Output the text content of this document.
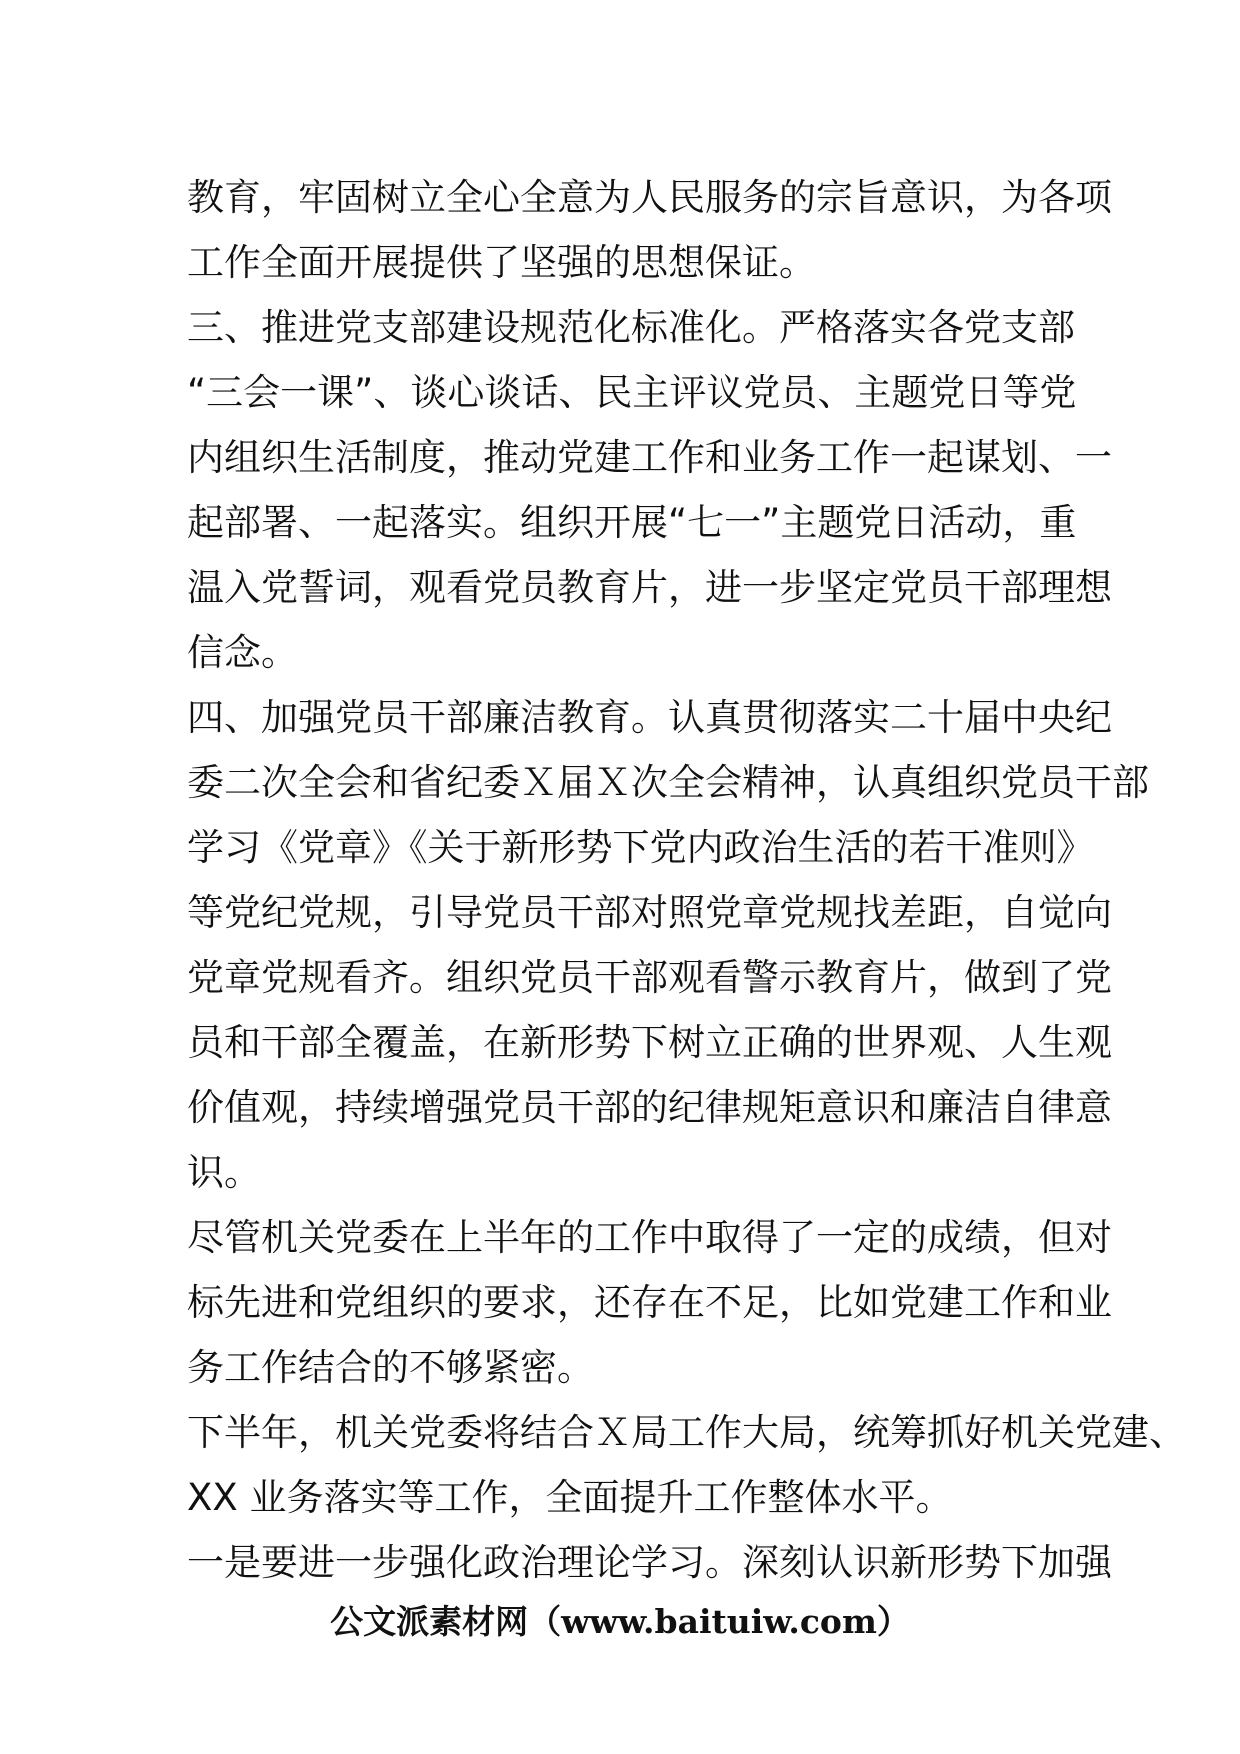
教育，牢固树立全心全意为人民服务的宗旨意识，为各项
工作全面开展提供了坚强的思想保证。
三、推进党支部建设规范化标准化。严格落实各党支部
“三会一课”、谈心谈话、民主评议党员、主题党日等党
内组织生活制度，推动党建工作和业务工作一起谋划、一
起部署、一起落实。组织开展“七一”主题党日活动，重
温入党誓词，观看党员教育片，进一步坚定党员干部理想
信念。
四、加强党员干部廉洁教育。认真贯彻落实二十届中央纪
委二次全会和省纪委Ｘ届Ｘ次全会精神，认真组织党员干部
学习《党章》《关于新形势下党内政治生活的若干准则》
等党纪党规，引导党员干部对照党章党规找差距，自觉向
党章党规看齐。组织党员干部观看警示教育片，做到了党
员和干部全覆盖，在新形势下树立正确的世界观、人生观
价值观，持续增强党员干部的纪律规矩意识和廉洁自律意
识。
尽管机关党委在上半年的工作中取得了一定的成绩，但对
标先进和党组织的要求，还存在不足，比如党建工作和业
务工作结合的不够紧密。
下半年，机关党委将结合Ｘ局工作大局，统筹抓好机关党建、
XX 业务落实等工作，全面提升工作整体水平。
一是要进一步强化政治理论学习。深刻认识新形势下加强
公文派素材网（www.baituiw.com）
